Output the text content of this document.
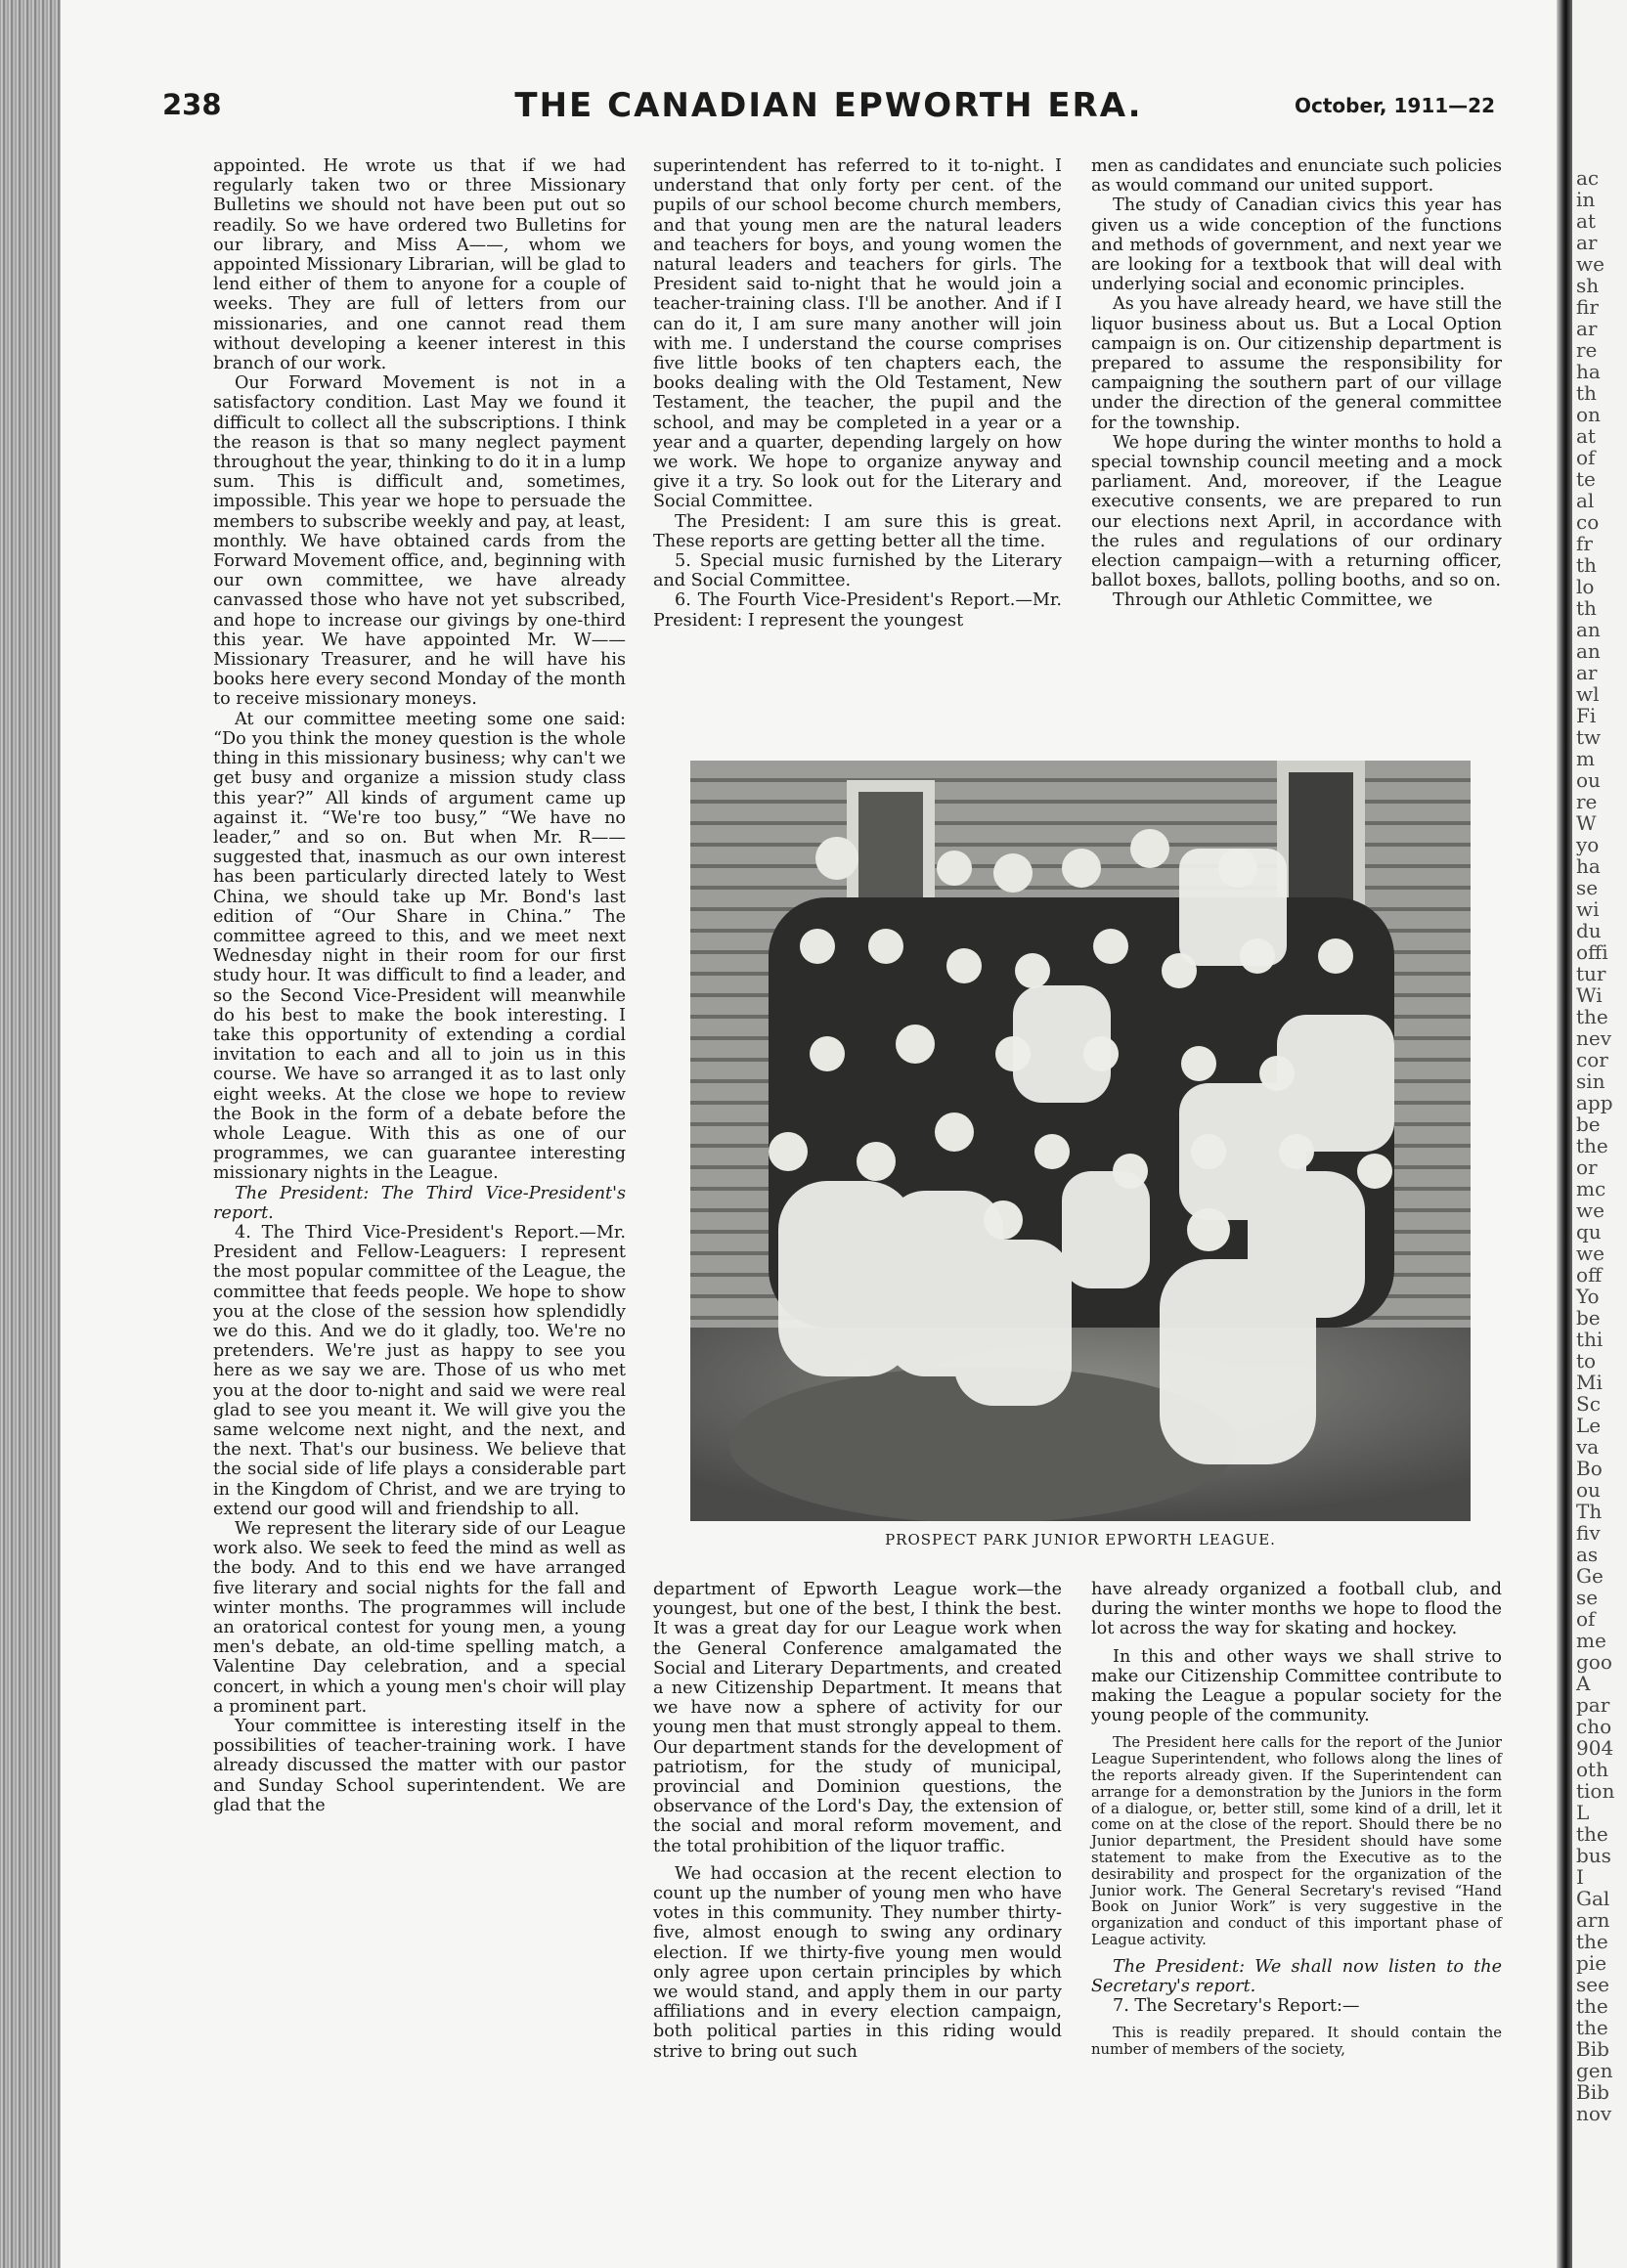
238	THE CANADIAN EPWORTH ERA.	October, 1911—22

appointed. He wrote us that if we had regularly taken two or three Missionary Bulletins we should not have been put out so readily. So we have ordered two Bulletins for our library, and Miss A——, whom we appointed Missionary Librarian, will be glad to lend either of them to anyone for a couple of weeks. They are full of letters from our missionaries, and one cannot read them without developing a keener interest in this branch of our work.

Our Forward Movement is not in a satisfactory condition. Last May we found it difficult to collect all the subscriptions. I think the reason is that so many neglect payment throughout the year, thinking to do it in a lump sum. This is difficult and, sometimes, impossible. This year we hope to persuade the members to subscribe weekly and pay, at least, monthly. We have obtained cards from the Forward Movement office, and, beginning with our own committee, we have already canvassed those who have not yet subscribed, and hope to increase our givings by one-third this year. We have appointed Mr. W—— Missionary Treasurer, and he will have his books here every second Monday of the month to receive missionary moneys.

At our committee meeting some one said: “Do you think the money question is the whole thing in this missionary business; why can't we get busy and organize a mission study class this year?” All kinds of argument came up against it. “We're too busy,” “We have no leader,” and so on. But when Mr. R—— suggested that, inasmuch as our own interest has been particularly directed lately to West China, we should take up Mr. Bond's last edition of “Our Share in China.” The committee agreed to this, and we meet next Wednesday night in their room for our first study hour. It was difficult to find a leader, and so the Second Vice-President will meanwhile do his best to make the book interesting. I take this opportunity of extending a cordial invitation to each and all to join us in this course. We have so arranged it as to last only eight weeks. At the close we hope to review the Book in the form of a debate before the whole League. With this as one of our programmes, we can guarantee interesting missionary nights in the League.

The President: The Third Vice-President's report.

4. The Third Vice-President's Report.—Mr. President and Fellow-Leaguers: I represent the most popular committee of the League, the committee that feeds people. We hope to show you at the close of the session how splendidly we do this. And we do it gladly, too. We're no pretenders. We're just as happy to see you here as we say we are. Those of us who met you at the door to-night and said we were real glad to see you meant it. We will give you the same welcome next night, and the next, and the next. That's our business. We believe that the social side of life plays a considerable part in the Kingdom of Christ, and we are trying to extend our good will and friendship to all.

We represent the literary side of our League work also. We seek to feed the mind as well as the body. And to this end we have arranged five literary and social nights for the fall and winter months. The programmes will include an oratorical contest for young men, a young men's debate, an old-time spelling match, a Valentine Day celebration, and a special concert, in which a young men's choir will play a prominent part.

Your committee is interesting itself in the possibilities of teacher-training work. I have already discussed the matter with our pastor and Sunday School superintendent. We are glad that the

superintendent has referred to it to-night. I understand that only forty per cent. of the pupils of our school become church members, and that young men are the natural leaders and teachers for boys, and young women the natural leaders and teachers for girls. The President said to-night that he would join a teacher-training class. I'll be another. And if I can do it, I am sure many another will join with me. I understand the course comprises five little books of ten chapters each, the books dealing with the Old Testament, New Testament, the teacher, the pupil and the school, and may be completed in a year or a year and a quarter, depending largely on how we work. We hope to organize anyway and give it a try. So look out for the Literary and Social Committee.

The President: I am sure this is great. These reports are getting better all the time.

5. Special music furnished by the Literary and Social Committee.

6. The Fourth Vice-President's Report.—Mr. President: I represent the youngest

men as candidates and enunciate such policies as would command our united support.

The study of Canadian civics this year has given us a wide conception of the functions and methods of government, and next year we are looking for a textbook that will deal with underlying social and economic principles.

As you have already heard, we have still the liquor business about us. But a Local Option campaign is on. Our citizenship department is prepared to assume the responsibility for campaigning the southern part of our village under the direction of the general committee for the township.

We hope during the winter months to hold a special township council meeting and a mock parliament. And, moreover, if the League executive consents, we are prepared to run our elections next April, in accordance with the rules and regulations of our ordinary election campaign—with a returning officer, ballot boxes, ballots, polling booths, and so on.

Through our Athletic Committee, we

PROSPECT PARK JUNIOR EPWORTH LEAGUE.

department of Epworth League work—the youngest, but one of the best, I think the best. It was a great day for our League work when the General Conference amalgamated the Social and Literary Departments, and created a new Citizenship Department. It means that we have now a sphere of activity for our young men that must strongly appeal to them. Our department stands for the development of patriotism, for the study of municipal, provincial and Dominion questions, the observance of the Lord's Day, the extension of the social and moral reform movement, and the total prohibition of the liquor traffic.

We had occasion at the recent election to count up the number of young men who have votes in this community. They number thirty-five, almost enough to swing any ordinary election. If we thirty-five young men would only agree upon certain principles by which we would stand, and apply them in our party affiliations and in every election campaign, both political parties in this riding would strive to bring out such

have already organized a football club, and during the winter months we hope to flood the lot across the way for skating and hockey.

In this and other ways we shall strive to make our Citizenship Committee contribute to making the League a popular society for the young people of the community.

The President here calls for the report of the Junior League Superintendent, who follows along the lines of the reports already given. If the Superintendent can arrange for a demonstration by the Juniors in the form of a dialogue, or, better still, some kind of a drill, let it come on at the close of the report. Should there be no Junior department, the President should have some statement to make from the Executive as to the desirability and prospect for the organization of the Junior work. The General Secretary's revised “Hand Book on Junior Work” is very suggestive in the organization and conduct of this important phase of League activity.

The President: We shall now listen to the Secretary's report.

7. The Secretary's Report:—

This is readily prepared. It should contain the number of members of the society,

ac
in
at
ar
we
sh
fir
ar
re
ha
th
on
at
of
te
al
co
fr
th
lo
th
an
an
ar
wl
Fi
tw
m
ou
re
W
yo
ha
se
wi
du
offi
tur
Wi
the
nev
cor
sin
app
be
the
or
mc
we
qu
we
off
Yo
be
thi
to
Mi
Sc
Le
va
Bo
ou
Th
fiv
as
Ge
se
of
me
goo
A
par
cho
904
oth
tion
L
the
bus
I
Gal
arn
the
pie
see
the
the
Bib
gen
Bib
nov
